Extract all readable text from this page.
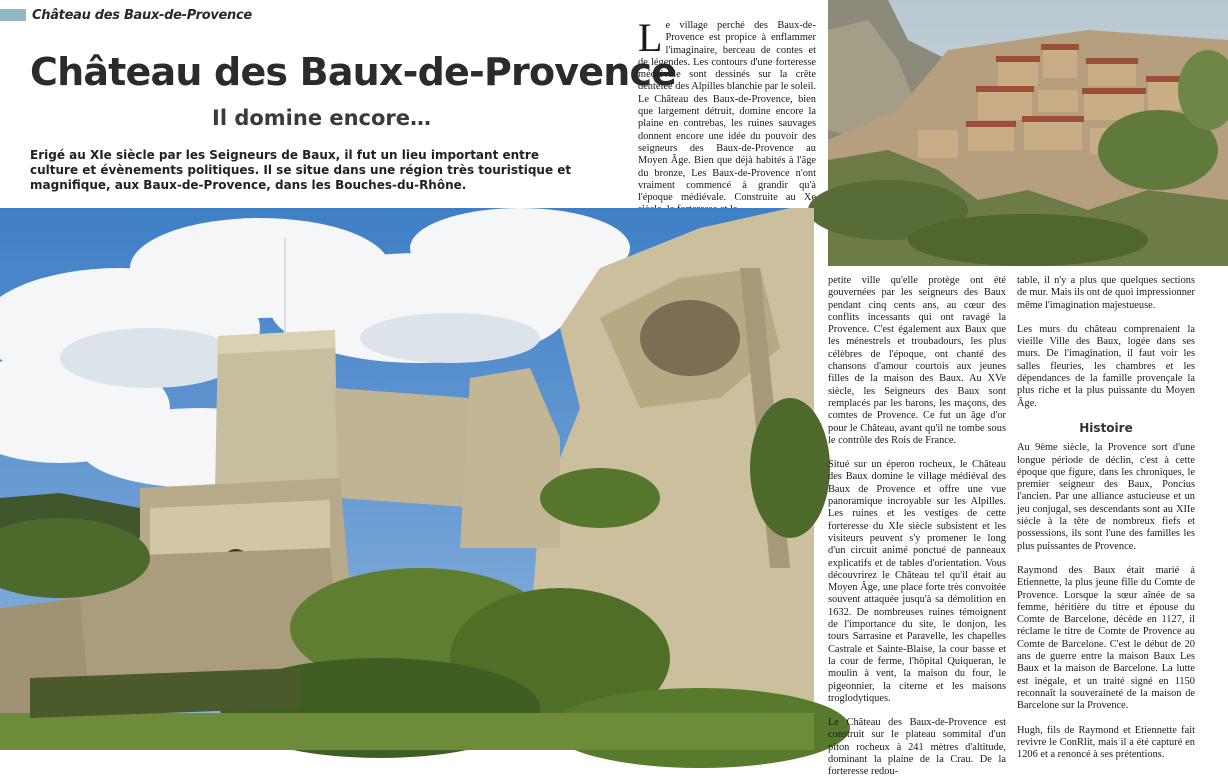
Château des Baux-de-Provence
Château des Baux-de-Provence
Il domine encore…

Erigé au XIe siècle par les Seigneurs de Baux, il fut un lieu important entre culture et évènements politiques. Il se situe dans une région très touristique et magnifique, aux Baux-de-Provence, dans les Bouches-du-Rhône.

Le village perché des Baux-de-Provence est propice à enflammer l'imaginaire, berceau de contes et de légendes. Les contours d'une forteresse médiévale sont dessinés sur la crête dentelée des Alpilles blanchie par le soleil. Le Château des Baux-de-Provence, bien que largement détruit, domine encore la plaine en contrebas, les ruines sauvages donnent encore une idée du pouvoir des seigneurs des Baux-de-Provence au Moyen Âge. Bien que déjà habités à l'âge du bronze, Les Baux-de-Provence n'ont vraiment commencé à grandir qu'à l'époque médiévale. Construite au Xe

petite ville qu'elle protège ont été gouvernées par les seigneurs des Baux pendant cinq cents ans, au cœur des conflits incessants qui ont ravagé la Provence. C'est également aux Baux que les ménestrels et troubadours, les plus célèbres de l'époque, ont chanté des chansons d'amour courtois aux jeunes filles de la maison des Baux. Au XVe siècle, les Seigneurs des Baux sont remplacés par les barons, les maçons, des comtes de Provence. Ce fut un âge d'or pour le Château, avant qu'il ne tombe sous le contrôle des Rois de France.

Situé sur un éperon rocheux, le Château des Baux domine le village médiéval des Baux de Provence et offre une vue panoramique incroyable sur les Alpilles. Les ruines et les vestiges de cette forteresse du XIe siècle subsistent et les visiteurs peuvent s'y promener le long d'un circuit animé ponctué de panneaux explicatifs et de tables d'orientation. Vous découvrirez le Château tel qu'il était au Moyen Âge, une place forte très convoitée souvent attaquée jusqu'à sa démolition en 1632. De nombreuses ruines témoignent de l'importance du site, le donjon, les tours Sarrasine et Paravelle, les chapelles Castrale et Sainte-Blaise, la cour basse et la cour de ferme, l'hôpital Quiqueran, le moulin à vent, la maison du four, le pigeonnier, la citerne et les maisons troglodytiques.

Le Château des Baux-de-Provence est construit sur le plateau sommital d'un piton rocheux à 241 mètres d'altitude, dominant la plaine de la Crau. De la forteresse redou-

table, il n'y a plus que quelques sections de mur. Mais ils ont de quoi impressionner même l'imagination majestueuse.

Les murs du château comprenaient la vieille Ville des Baux, logée dans ses murs. De l'imagination, il faut voir les salles fleuries, les chambres et les dépendances de la famille provençale la plus riche et la plus puissante du Moyen Âge.

Histoire

Au 9ème siècle, la Provence sort d'une longue période de déclin, c'est à cette époque que figure, dans les chroniques, le premier seigneur des Baux, Poncius l'ancien. Par une alliance astucieuse et un jeu conjugal, ses descendants sont au XIIe siècle à la tête de nombreux fiefs et possessions, ils sont l'une des familles les plus puissantes de Provence.

Raymond des Baux était marié à Etiennette, la plus jeune fille du Comte de Provence. Lorsque la sœur aînée de sa femme, héritière du titre et épouse du Comte de Barcelone, décède en 1127, il réclame le titre de Comte de Provence au Comte de Barcelone. C'est le début de 20 ans de guerre entre la maison Baux Les Baux et la maison de Barcelone. La lutte est inégale, et un traité signé en 1150 reconnaît la souveraineté de la maison de Barcelone sur la Provence.

Hugh, fils de Raymond et Etiennette fait revivre le ConRlit, mais il a été capturé en 1206 et a renoncé à ses prétentions.
